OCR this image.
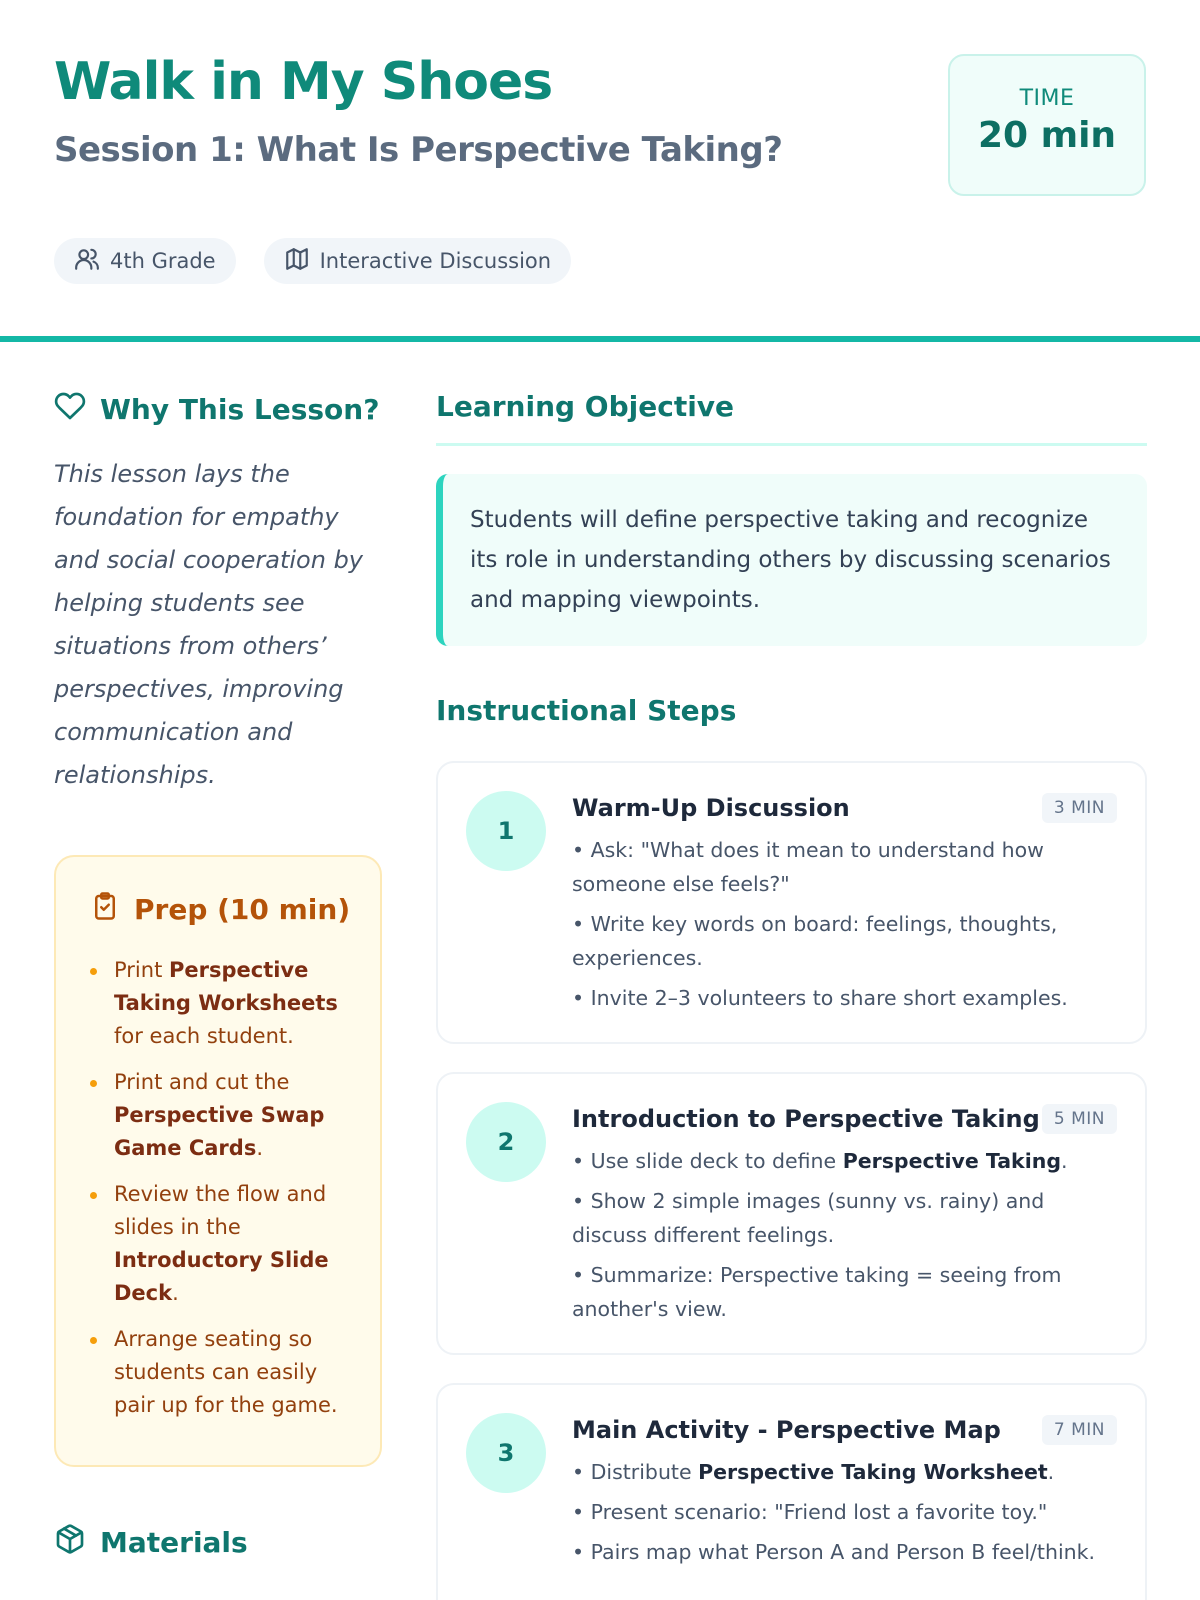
Walk in My Shoes
Session 1: What Is Perspective Taking?
TIME
20 min
4th Grade	Interactive Discussion
Why This Lesson?

This lesson lays the foundation for empathy and social cooperation by helping students see situations from others’ perspectives, improving communication and relationships.

Prep (10 min)
Print Perspective Taking Worksheets for each student.
Print and cut the Perspective Swap Game Cards.
Review the flow and slides in the Introductory Slide Deck.
Arrange seating so students can easily pair up for the game.
Materials
Learning Objective
Students will define perspective taking and recognize its role in understanding others by discussing scenarios and mapping viewpoints.
Instructional Steps
1
Warm-Up Discussion	3 MIN

• Ask: "What does it mean to understand how someone else feels?"

• Write key words on board: feelings, thoughts, experiences.

• Invite 2–3 volunteers to share short examples.

2
Introduction to Perspective Taking 5 MIN

• Use slide deck to define Perspective Taking.

• Show 2 simple images (sunny vs. rainy) and discuss different feelings.

• Summarize: Perspective taking = seeing from another's view.

3
Main Activity - Perspective Map	7 MIN

• Distribute Perspective Taking Worksheet.

• Present scenario: "Friend lost a favorite toy."

• Pairs map what Person A and Person B feel/think.
